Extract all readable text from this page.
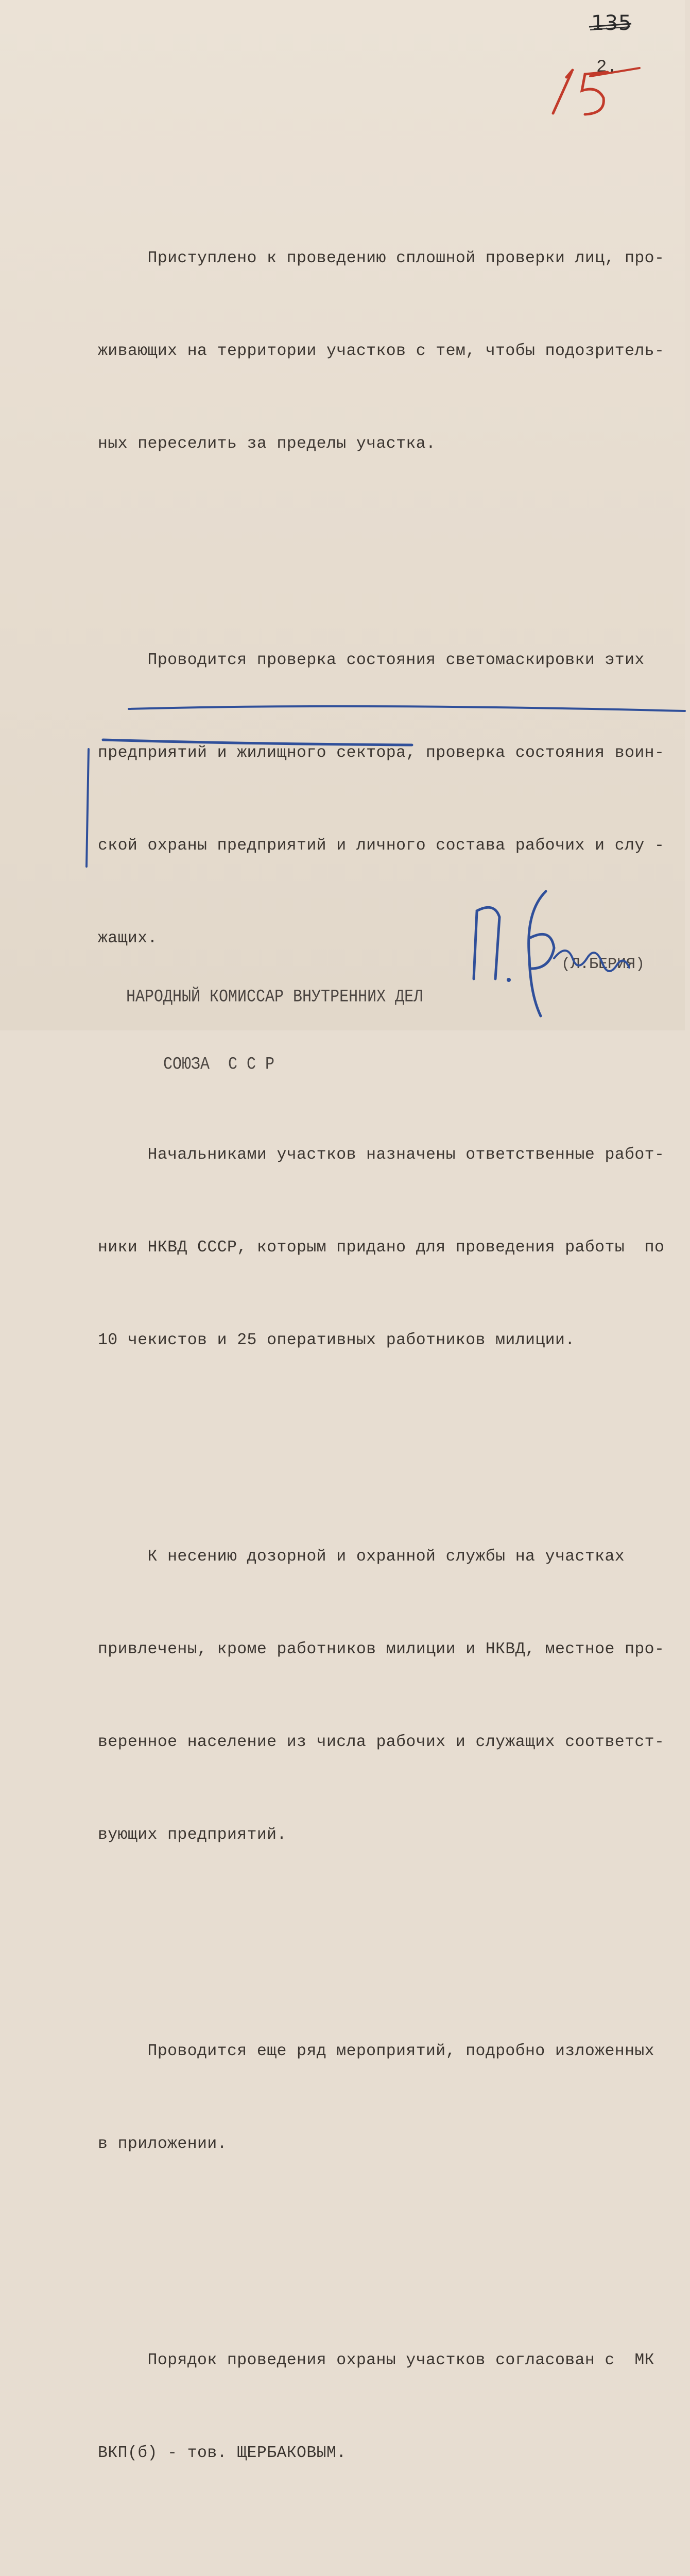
135
2.

Приступлено к проведению сплошной проверки лиц, про-

живающих на территории участков с тем, чтобы подозритель-

ных переселить за пределы участка.

Проводится проверка состояния светомаскировки этих

предприятий и жилищного сектора, проверка состояния воин-

ской охраны предприятий и личного состава рабочих и слу -

жащих.

Начальниками участков назначены ответственные работ-

ники НКВД СССР, которым придано для проведения работы  по

10 чекистов и 25 оперативных работников милиции.

К несению дозорной и охранной службы на участках

привлечены, кроме работников милиции и НКВД, местное про-

веренное население из числа рабочих и служащих соответст-

вующих предприятий.

Проводится еще ряд мероприятий, подробно изложенных

в приложении.

Порядок проведения охраны участков согласован с  МК

ВКП(б) - тов. ЩЕРБАКОВЫМ.

НАРОДНЫЙ КОМИССАР ВНУТРЕННИХ ДЕЛ

СОЮЗА  С С Р

(Л.БЕРИЯ)
